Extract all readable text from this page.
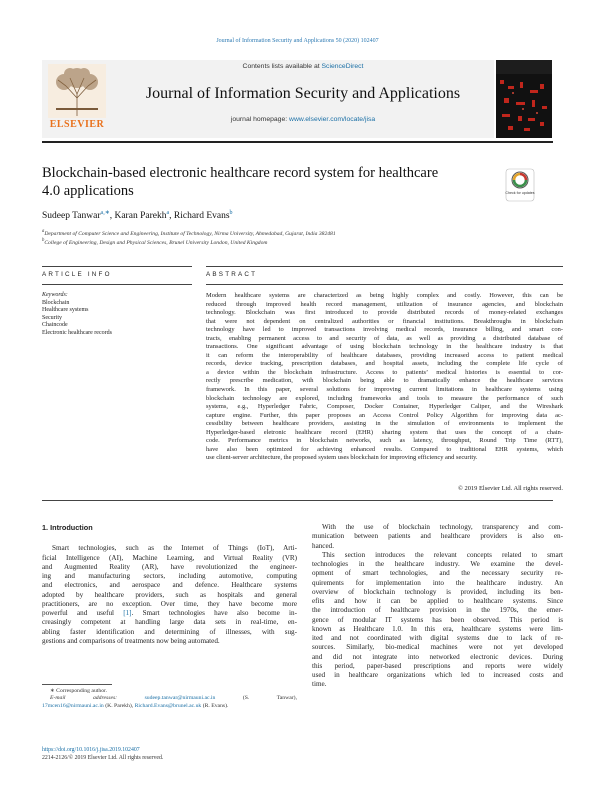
Journal of Information Security and Applications 50 (2020) 102407
ELSEVIER
Contents lists available at ScienceDirect
Journal of Information Security and Applications
journal homepage: www.elsevier.com/locate/jisa
Blockchain-based electronic healthcare record system for healthcare
4.0 applications	Check for updates
Sudeep Tanwar$^{a,∗}$, Karan Parekh$^a$, Richard Evans$^b$
$^a$Department of Computer Science and Engineering, Institute of Technology, Nirma University, Ahmedabad, Gujarat, India 382481
$^b$College of Engineering, Design and Physical Sciences, Brunel University London, United Kingdom
ARTICLE INFO	ABSTRACT
Keywords:
Blockchain
Healthcare systems
Security
Chaincode
Electronic healthcare records
Modern healthcare systems are characterized as being highly complex and costly. However, this can be
reduced through improved health record management, utilization of insurance agencies, and blockchain
technology. Blockchain was first introduced to provide distributed records of money-related exchanges
that were not dependent on centralized authorities or financial institutions. Breakthroughs in blockchain
technology have led to improved transactions involving medical records, insurance billing, and smart con-
tracts, enabling permanent access to and security of data, as well as providing a distributed database of
transactions. One significant advantage of using blockchain technology in the healthcare industry is that
it can reform the interoperability of healthcare databases, providing increased access to patient medical
records, device tracking, prescription databases, and hospital assets, including the complete life cycle of
a device within the blockchain infrastructure. Access to patients’ medical histories is essential to cor-
rectly prescribe medication, with blockchain being able to dramatically enhance the healthcare services
framework. In this paper, several solutions for improving current limitations in healthcare systems using
blockchain technology are explored, including frameworks and tools to measure the performance of such
systems, e.g., Hyperledger Fabric, Composer, Docker Container, Hyperledger Caliper, and the Wireshark
capture engine. Further, this paper proposes an Access Control Policy Algorithm for improving data ac-
cessibility between healthcare providers, assisting in the simulation of environments to implement the
Hyperledger-based eletronic healthcare record (EHR) sharing system that uses the concept of a chain-
code. Performance metrics in blockchain networks, such as latency, throughput, Round Trip Time (RTT),
have also been optimized for achieving enhanced results. Compared to traditional EHR systems, which
use client-server architecture, the proposed system uses blockchain for improving efficiency and security.
© 2019 Elsevier Ltd. All rights reserved.
1. Introduction
Smart technologies, such as the Internet of Things (IoT), Arti-
ficial Intelligence (AI), Machine Learning, and Virtual Reality (VR)
and Augmented Reality (AR), have revolutionized the engineer-
ing and manufacturing sectors, including automotive, computing
and electronics, and aerospace and defence. Healthcare systems
adopted by healthcare providers, such as hospitals and general
practitioners, are no exception. Over time, they have become more
powerful and useful [1]. Smart technologies have also become in-
creasingly competent at handling large data sets in real-time, en-
abling faster identification and determining of illnesses, with sug-
gestions and comparisons of treatments now being automated.
With the use of blockchain technology, transparency and com-
munication between patients and healthcare providers is also en-
hanced.
This section introduces the relevant concepts related to smart
technologies in the healthcare industry. We examine the devel-
opment of smart technologies, and the necessary security re-
quirements for implementation into the healthcare industry. An
overview of blockchain technology is provided, including its ben-
efits and how it can be applied to healthcare systems. Since
the introduction of healthcare provision in the 1970s, the emer-
gence of modular IT systems has been observed. This period is
known as Healthcare 1.0. In this era, healthcare systems were lim-
ited and not coordinated with digital systems due to lack of re-
sources. Similarly, bio-medical machines were not yet developed
and did not integrate into networked electronic devices. During
this period, paper-based prescriptions and reports were widely
used in healthcare organizations which led to increased costs and
time.
∗ Corresponding author.
E-mail addresses:	sudeep.tanwar@nirmauni.ac.in	(S. Tanwar),
17mcen16@nirmauni.ac.in (K. Parekh), Richard.Evans@brunel.ac.uk (R. Evans).
https://doi.org/10.1016/j.jisa.2019.102407
2214-2126/© 2019 Elsevier Ltd. All rights reserved.
